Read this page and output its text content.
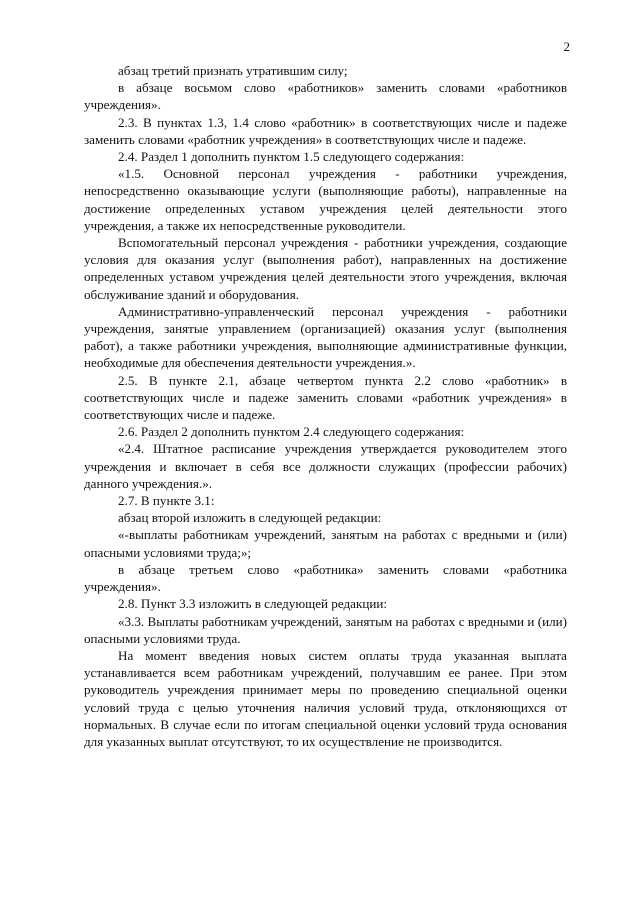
2

абзац третий признать утратившим силу;

в абзаце восьмом слово «работников» заменить словами «работников учреждения».

2.3. В пунктах 1.3, 1.4 слово «работник» в соответствующих числе и падеже заменить словами «работник учреждения» в соответствующих числе и падеже.

2.4. Раздел 1 дополнить пунктом 1.5 следующего содержания:

«1.5. Основной персонал учреждения - работники учреждения, непосредственно оказывающие услуги (выполняющие работы), направленные на достижение определенных уставом учреждения целей деятельности этого учреждения, а также их непосредственные руководители.

Вспомогательный персонал учреждения - работники учреждения, создающие условия для оказания услуг (выполнения работ), направленных на достижение определенных уставом учреждения целей деятельности этого учреждения, включая обслуживание зданий и оборудования.

Административно-управленческий персонал учреждения - работники учреждения, занятые управлением (организацией) оказания услуг (выполнения работ), а также работники учреждения, выполняющие административные функции, необходимые для обеспечения деятельности учреждения.».

2.5. В пункте 2.1, абзаце четвертом пункта 2.2 слово «работник» в соответствующих числе и падеже заменить словами «работник учреждения» в соответствующих числе и падеже.

2.6. Раздел 2 дополнить пунктом 2.4 следующего содержания:

«2.4. Штатное расписание учреждения утверждается руководителем этого учреждения и включает в себя все должности служащих (профессии рабочих) данного учреждения.».

2.7. В пункте 3.1:

абзац второй изложить в следующей редакции:

«-выплаты работникам учреждений, занятым на работах с вредными и (или) опасными условиями труда;»;

в абзаце третьем слово «работника» заменить словами «работника учреждения».

2.8. Пункт 3.3 изложить в следующей редакции:

«3.3. Выплаты работникам учреждений, занятым на работах с вредными и (или) опасными условиями труда.

На момент введения новых систем оплаты труда указанная выплата устанавливается всем работникам учреждений, получавшим ее ранее. При этом руководитель учреждения принимает меры по проведению специальной оценки условий труда с целью уточнения наличия условий труда, отклоняющихся от нормальных. В случае если по итогам специальной оценки условий труда основания для указанных выплат отсутствуют, то их осуществление не производится.
